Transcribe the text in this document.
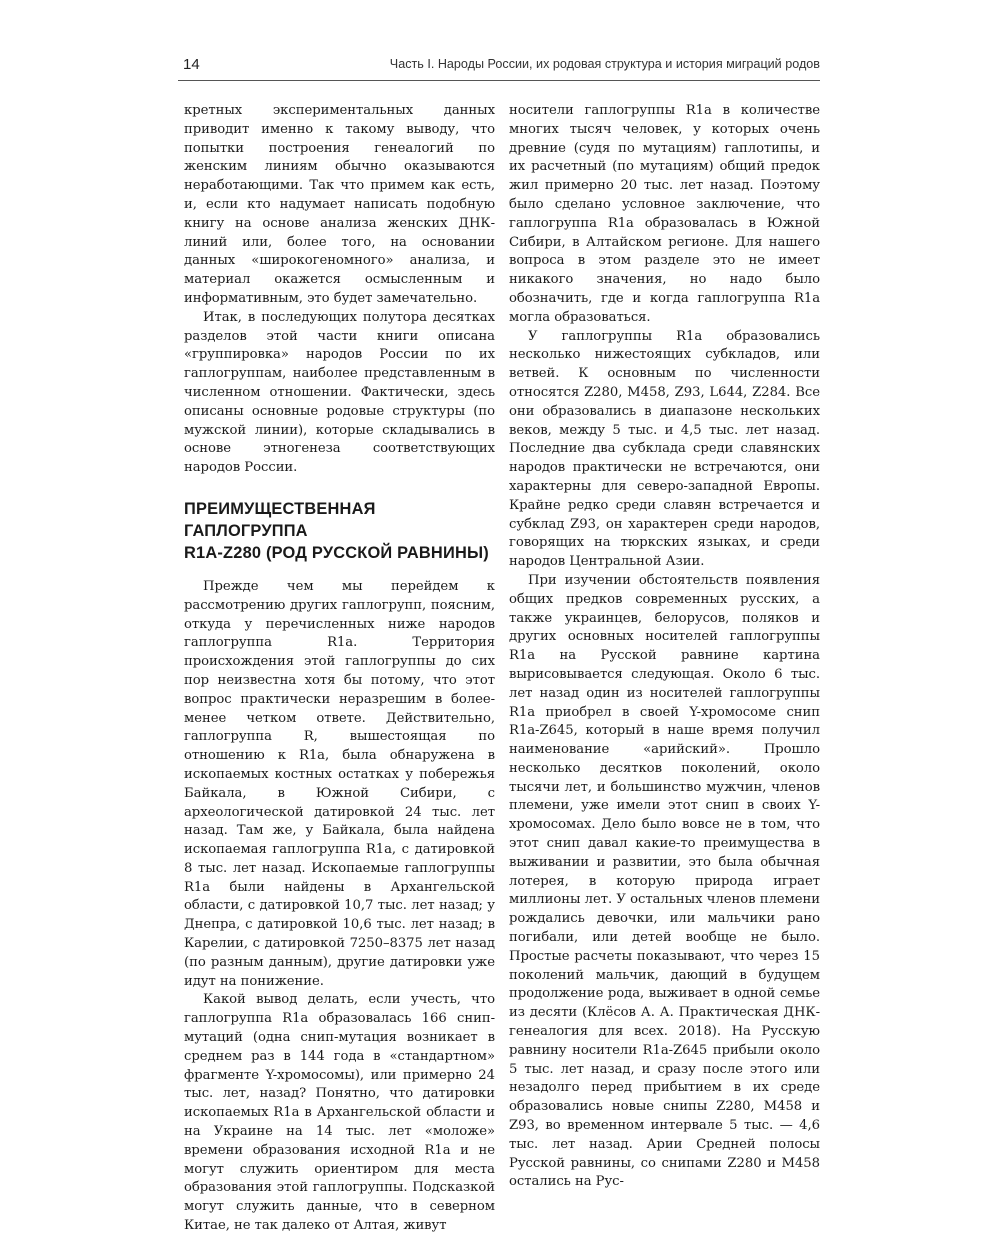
14	Часть I. Народы России, их родовая структура и история миграций родов

кретных экспериментальных данных приводит именно к такому выводу, что попытки построения генеалогий по женским линиям обычно оказываются неработающими. Так что примем как есть, и, если кто надумает написать подобную книгу на основе анализа женских ДНК-линий или, более того, на основании данных «широкогеномного» анализа, и материал окажется осмысленным и информативным, это будет замечательно.

Итак, в последующих полутора десятках разделов этой части книги описана «группировка» народов России по их гаплогруппам, наиболее представленным в численном отношении. Фактически, здесь описаны основные родовые структуры (по мужской линии), которые складывались в основе этногенеза соответствующих народов России.

ПРЕИМУЩЕСТВЕННАЯ ГАПЛОГРУППА
R1A-Z280 (РОД РУССКОЙ РАВНИНЫ)

Прежде чем мы перейдем к рассмотрению других гаплогрупп, поясним, откуда у перечисленных ниже народов гаплогруппа R1a. Территория происхождения этой гаплогруппы до сих пор неизвестна хотя бы потому, что этот вопрос практически неразрешим в более-менее четком ответе. Действительно, гаплогруппа R, вышестоящая по отношению к R1a, была обнаружена в ископаемых костных остатках у побережья Байкала, в Южной Сибири, с археологической датировкой 24 тыс. лет назад. Там же, у Байкала, была найдена ископаемая гаплогруппа R1a, с датировкой 8 тыс. лет назад. Ископаемые гаплогруппы R1a были найдены в Архангельской области, с датировкой 10,7 тыс. лет назад; у Днепра, с датировкой 10,6 тыс. лет назад; в Карелии, с датировкой 7250–8375 лет назад (по разным данным), другие датировки уже идут на понижение.

Какой вывод делать, если учесть, что гаплогруппа R1a образовалась 166 снип-мутаций (одна снип-мутация возникает в среднем раз в 144 года в «стандартном» фрагменте Y-хромосомы), или примерно 24 тыс. лет, назад? Понятно, что датировки ископаемых R1a в Архангельской области и на Украине на 14 тыс. лет «моложе» времени образования исходной R1a и не могут служить ориентиром для места образования этой гаплогруппы. Подсказкой могут служить данные, что в северном Китае, не так далеко от Алтая, живут

носители гаплогруппы R1a в количестве многих тысяч человек, у которых очень древние (судя по мутациям) гаплотипы, и их расчетный (по мутациям) общий предок жил примерно 20 тыс. лет назад. Поэтому было сделано условное заключение, что гаплогруппа R1a образовалась в Южной Сибири, в Алтайском регионе. Для нашего вопроса в этом разделе это не имеет никакого значения, но надо было обозначить, где и когда гаплогруппа R1a могла образоваться.

У гаплогруппы R1a образовались несколько нижестоящих субкладов, или ветвей. К основным по численности относятся Z280, M458, Z93, L644, Z284. Все они образовались в диапазоне нескольких веков, между 5 тыс. и 4,5 тыс. лет назад. Последние два субклада среди славянских народов практически не встречаются, они характерны для северо-западной Европы. Крайне редко среди славян встречается и субклад Z93, он характерен среди народов, говорящих на тюркских языках, и среди народов Центральной Азии.

При изучении обстоятельств появления общих предков современных русских, а также украинцев, белорусов, поляков и других основных носителей гаплогруппы R1a на Русской равнине картина вырисовывается следующая. Около 6 тыс. лет назад один из носителей гаплогруппы R1a приобрел в своей Y-хромосоме снип R1a-Z645, который в наше время получил наименование «арийский». Прошло несколько десятков поколений, около тысячи лет, и большинство мужчин, членов племени, уже имели этот снип в своих Y-хромосомах. Дело было вовсе не в том, что этот снип давал какие-то преимущества в выживании и развитии, это была обычная лотерея, в которую природа играет миллионы лет. У остальных членов племени рождались девочки, или мальчики рано погибали, или детей вообще не было. Простые расчеты показывают, что через 15 поколений мальчик, дающий в будущем продолжение рода, выживает в одной семье из десяти (Клёсов А. А. Практическая ДНК-генеалогия для всех. 2018). На Русскую равнину носители R1a-Z645 прибыли около 5 тыс. лет назад, и сразу после этого или незадолго перед прибытием в их среде образовались новые снипы Z280, M458 и Z93, во временном интервале 5 тыс. — 4,6 тыс. лет назад. Арии Средней полосы Русской равнины, со снипами Z280 и M458 остались на Рус-
